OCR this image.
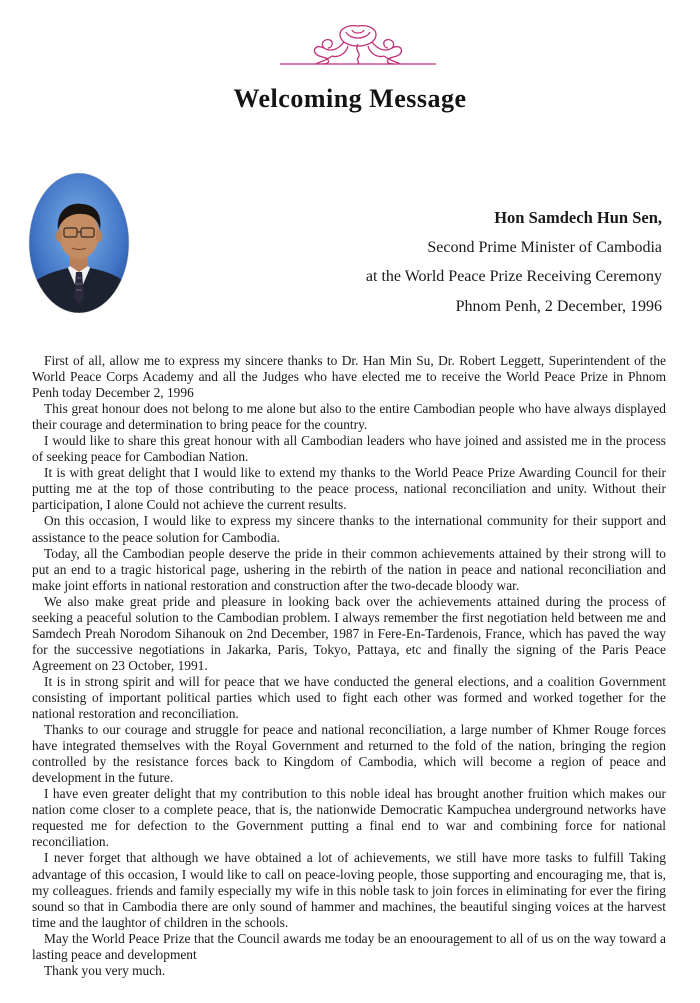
Welcoming Message
Hon Samdech Hun Sen,
Second Prime Minister of Cambodia
at the World Peace Prize Receiving Ceremony
Phnom Penh, 2 December, 1996

First of all, allow me to express my sincere thanks to Dr. Han Min Su, Dr. Robert Leggett, Superintendent of the World Peace Corps Academy and all the Judges who have elected me to receive the World Peace Prize in Phnom Penh today December 2, 1996

This great honour does not belong to me alone but also to the entire Cambodian people who have always displayed their courage and determination to bring peace for the country.

I would like to share this great honour with all Cambodian leaders who have joined and assisted me in the process of seeking peace for Cambodian Nation.

It is with great delight that I would like to extend my thanks to the World Peace Prize Awarding Council for their putting me at the top of those contributing to the peace process, national reconciliation and unity. Without their participation, I alone Could not achieve the current results.

On this occasion, I would like to express my sincere thanks to the international community for their support and assistance to the peace solution for Cambodia.

Today, all the Cambodian people deserve the pride in their common achievements attained by their strong will to put an end to a tragic historical page, ushering in the rebirth of the nation in peace and national reconciliation and make joint efforts in national restoration and construction after the two-decade bloody war.

We also make great pride and pleasure in looking back over the achievements attained during the process of seeking a peaceful solution to the Cambodian problem. I always remember the first negotiation held between me and Samdech Preah Norodom Sihanouk on 2nd December, 1987 in Fere-En-Tardenois, France, which has paved the way for the successive negotiations in Jakarka, Paris, Tokyo, Pattaya, etc and finally the signing of the Paris Peace Agreement on 23 October, 1991.

It is in strong spirit and will for peace that we have conducted the general elections, and a coalition Government consisting of important political parties which used to fight each other was formed and worked together for the national restoration and reconciliation.

Thanks to our courage and struggle for peace and national reconciliation, a large number of Khmer Rouge forces have integrated themselves with the Royal Government and returned to the fold of the nation, bringing the region controlled by the resistance forces back to Kingdom of Cambodia, which will become a region of peace and development in the future.

I have even greater delight that my contribution to this noble ideal has brought another fruition which makes our nation come closer to a complete peace, that is, the nationwide Democratic Kampuchea underground networks have requested me for defection to the Government putting a final end to war and combining force for national reconciliation.

I never forget that although we have obtained a lot of achievements, we still have more tasks to fulfill Taking advantage of this occasion, I would like to call on peace-loving people, those supporting and encouraging me, that is, my colleagues. friends and family especially my wife in this noble task to join forces in eliminating for ever the firing sound so that in Cambodia there are only sound of hammer and machines, the beautiful singing voices at the harvest time and the laughtor of children in the schools.

May the World Peace Prize that the Council awards me today be an enoouragement to all of us on the way toward a lasting peace and development

Thank you very much.
